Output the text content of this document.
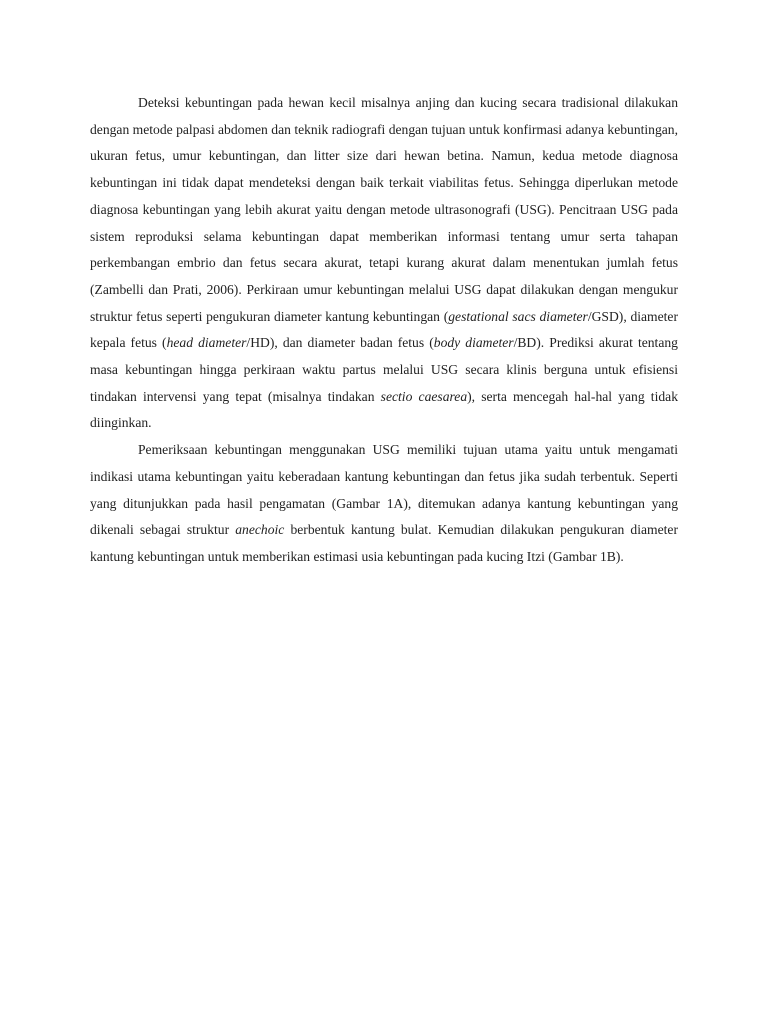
Deteksi kebuntingan pada hewan kecil misalnya anjing dan kucing secara tradisional dilakukan dengan metode palpasi abdomen dan teknik radiografi dengan tujuan untuk konfirmasi adanya kebuntingan, ukuran fetus, umur kebuntingan, dan litter size dari hewan betina. Namun, kedua metode diagnosa kebuntingan ini tidak dapat mendeteksi dengan baik terkait viabilitas fetus. Sehingga diperlukan metode diagnosa kebuntingan yang lebih akurat yaitu dengan metode ultrasonografi (USG). Pencitraan USG pada sistem reproduksi selama kebuntingan dapat memberikan informasi tentang umur serta tahapan perkembangan embrio dan fetus secara akurat, tetapi kurang akurat dalam menentukan jumlah fetus (Zambelli dan Prati, 2006). Perkiraan umur kebuntingan melalui USG dapat dilakukan dengan mengukur struktur fetus seperti pengukuran diameter kantung kebuntingan (gestational sacs diameter/GSD), diameter kepala fetus (head diameter/HD), dan diameter badan fetus (body diameter/BD). Prediksi akurat tentang masa kebuntingan hingga perkiraan waktu partus melalui USG secara klinis berguna untuk efisiensi tindakan intervensi yang tepat (misalnya tindakan sectio caesarea), serta mencegah hal-hal yang tidak diinginkan.

Pemeriksaan kebuntingan menggunakan USG memiliki tujuan utama yaitu untuk mengamati indikasi utama kebuntingan yaitu keberadaan kantung kebuntingan dan fetus jika sudah terbentuk. Seperti yang ditunjukkan pada hasil pengamatan (Gambar 1A), ditemukan adanya kantung kebuntingan yang dikenali sebagai struktur anechoic berbentuk kantung bulat. Kemudian dilakukan pengukuran diameter kantung kebuntingan untuk memberikan estimasi usia kebuntingan pada kucing Itzi (Gambar 1B).
